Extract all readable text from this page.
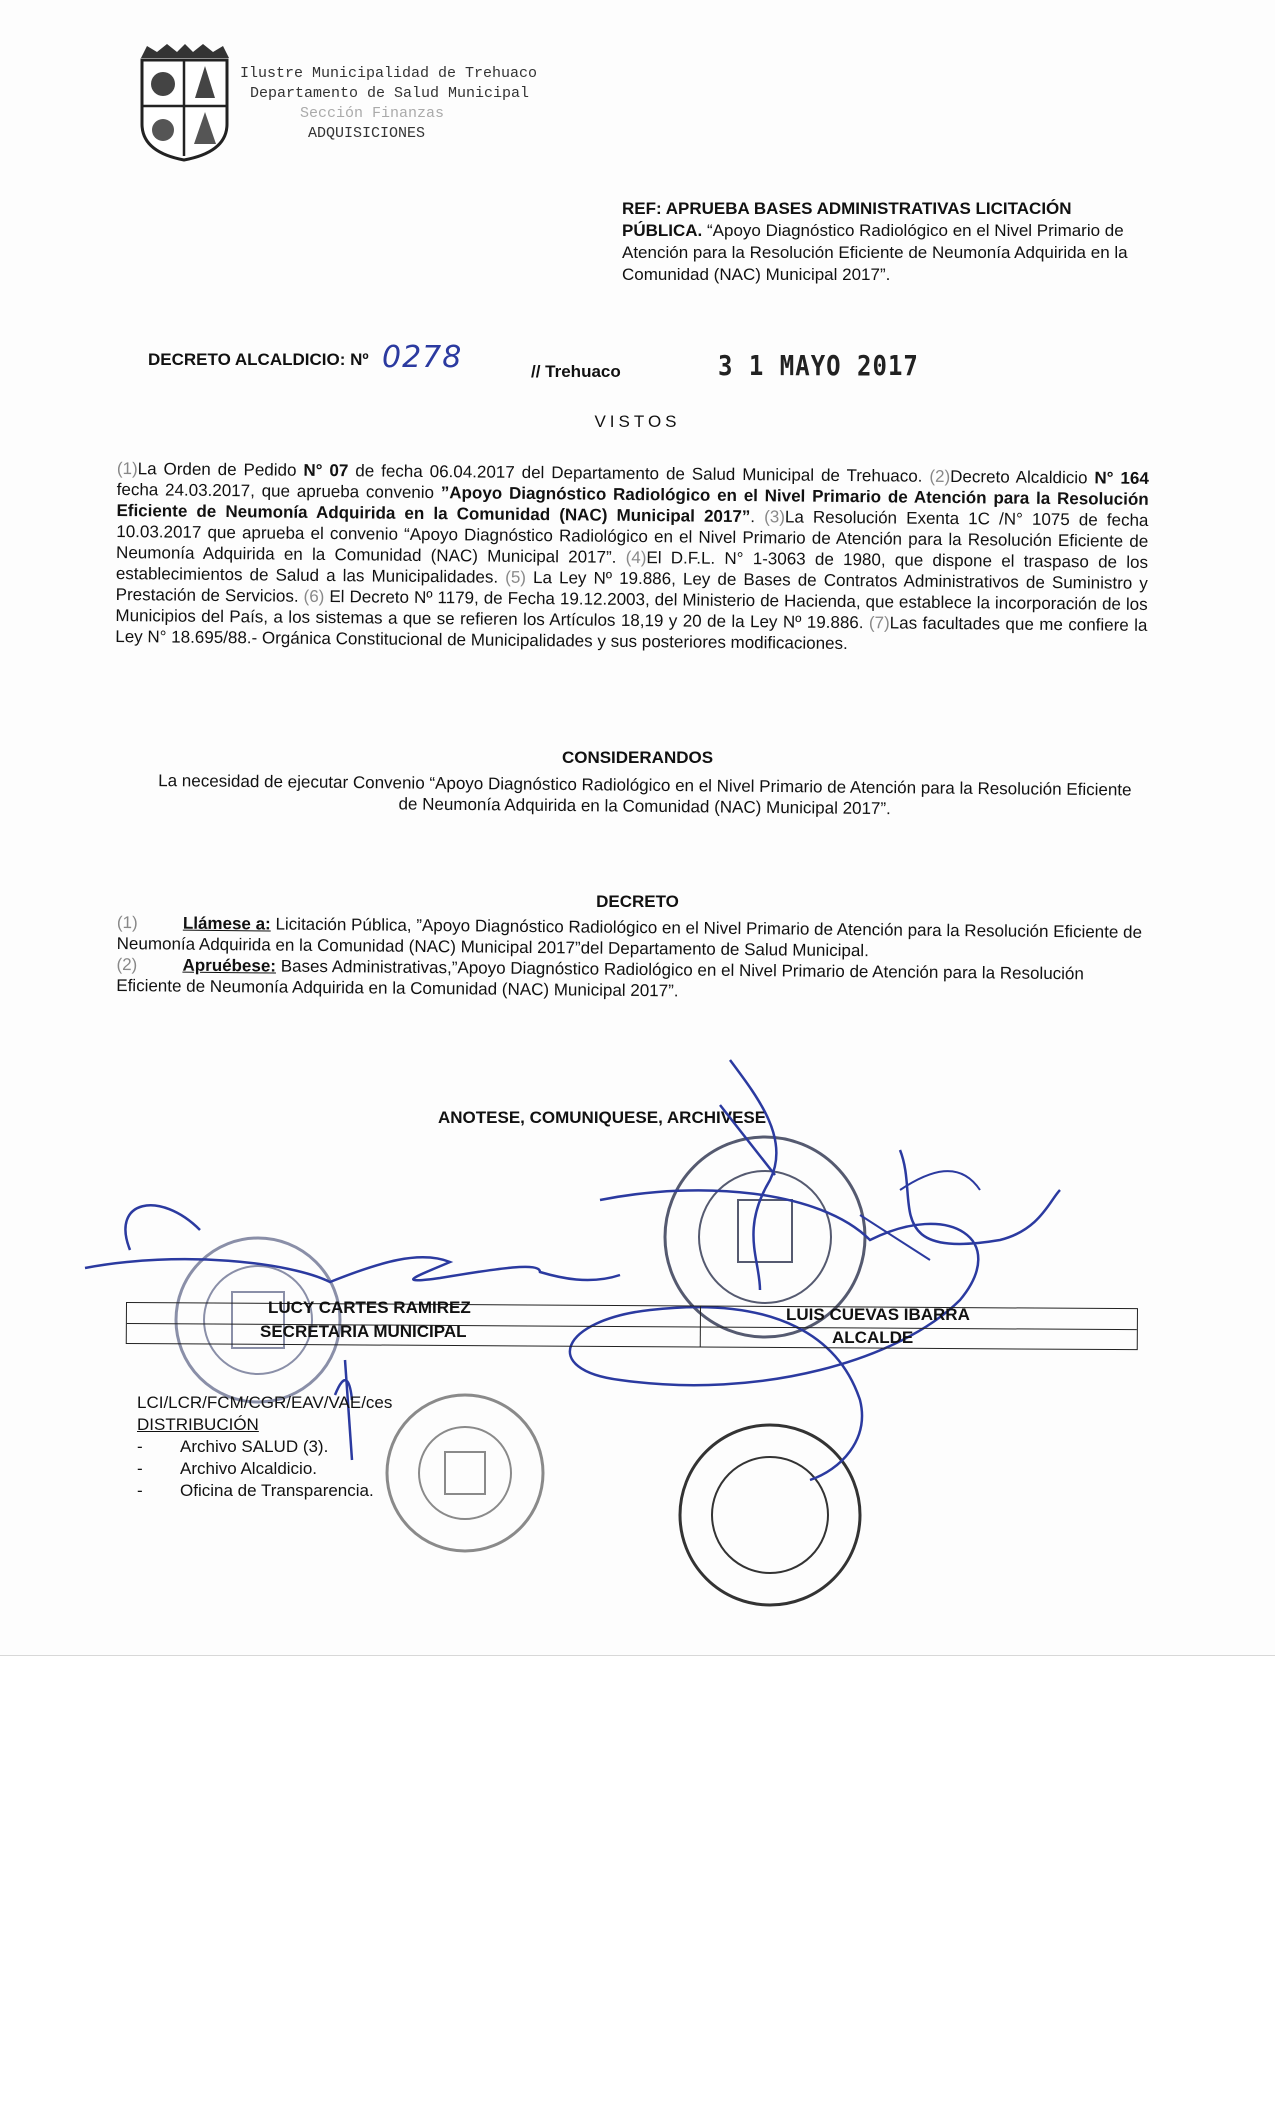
Ilustre Municipalidad de Trehuaco
Departamento de Salud Municipal
Sección Finanzas
ADQUISICIONES
REF: APRUEBA BASES ADMINISTRATIVAS LICITACIÓN PÚBLICA. “Apoyo Diagnóstico Radiológico en el Nivel Primario de Atención para la Resolución Eficiente de Neumonía Adquirida en la Comunidad (NAC) Municipal 2017”.
DECRETO ALCALDICIO: Nº 0278	// Trehuaco	3 1 MAYO 2017
VISTOS
(1)La Orden de Pedido N° 07 de fecha 06.04.2017 del Departamento de Salud Municipal de Trehuaco. (2)Decreto Alcaldicio N° 164 fecha 24.03.2017, que aprueba convenio ”Apoyo Diagnóstico Radiológico en el Nivel Primario de Atención para la Resolución Eficiente de Neumonía Adquirida en la Comunidad (NAC) Municipal 2017”. (3)La Resolución Exenta 1C /N° 1075 de fecha 10.03.2017 que aprueba el convenio “Apoyo Diagnóstico Radiológico en el Nivel Primario de Atención para la Resolución Eficiente de Neumonía Adquirida en la Comunidad (NAC) Municipal 2017”. (4)El D.F.L. N° 1-3063 de 1980, que dispone el traspaso de los establecimientos de Salud a las Municipalidades. (5) La Ley Nº 19.886, Ley de Bases de Contratos Administrativos de Suministro y Prestación de Servicios. (6) El Decreto Nº 1179, de Fecha 19.12.2003, del Ministerio de Hacienda, que establece la incorporación de los Municipios del País, a los sistemas a que se refieren los Artículos 18,19 y 20 de la Ley Nº 19.886. (7)Las facultades que me confiere la Ley N° 18.695/88.- Orgánica Constitucional de Municipalidades y sus posteriores modificaciones.
CONSIDERANDOS
La necesidad de ejecutar Convenio “Apoyo Diagnóstico Radiológico en el Nivel Primario de Atención para la Resolución Eficiente de Neumonía Adquirida en la Comunidad (NAC) Municipal 2017”.
DECRETO
(1)	Llámese a: Licitación Pública, ”Apoyo Diagnóstico Radiológico en el Nivel Primario de Atención para la Resolución Eficiente de Neumonía Adquirida en la Comunidad (NAC) Municipal 2017”del Departamento de Salud Municipal.
(2)	Apruébese: Bases Administrativas,”Apoyo Diagnóstico Radiológico en el Nivel Primario de Atención para la Resolución Eficiente de Neumonía Adquirida en la Comunidad (NAC) Municipal 2017”.
ANOTESE, COMUNIQUESE, ARCHIVESE
LUCY CARTES RAMIREZ
SECRETARIA MUNICIPAL
LUIS CUEVAS IBARRA
ALCALDE
LCI/LCR/FCM/CGR/EAV/VAE/ces
DISTRIBUCIÓN
- Archivo SALUD (3).
- Archivo Alcaldicio.
- Oficina de Transparencia.
